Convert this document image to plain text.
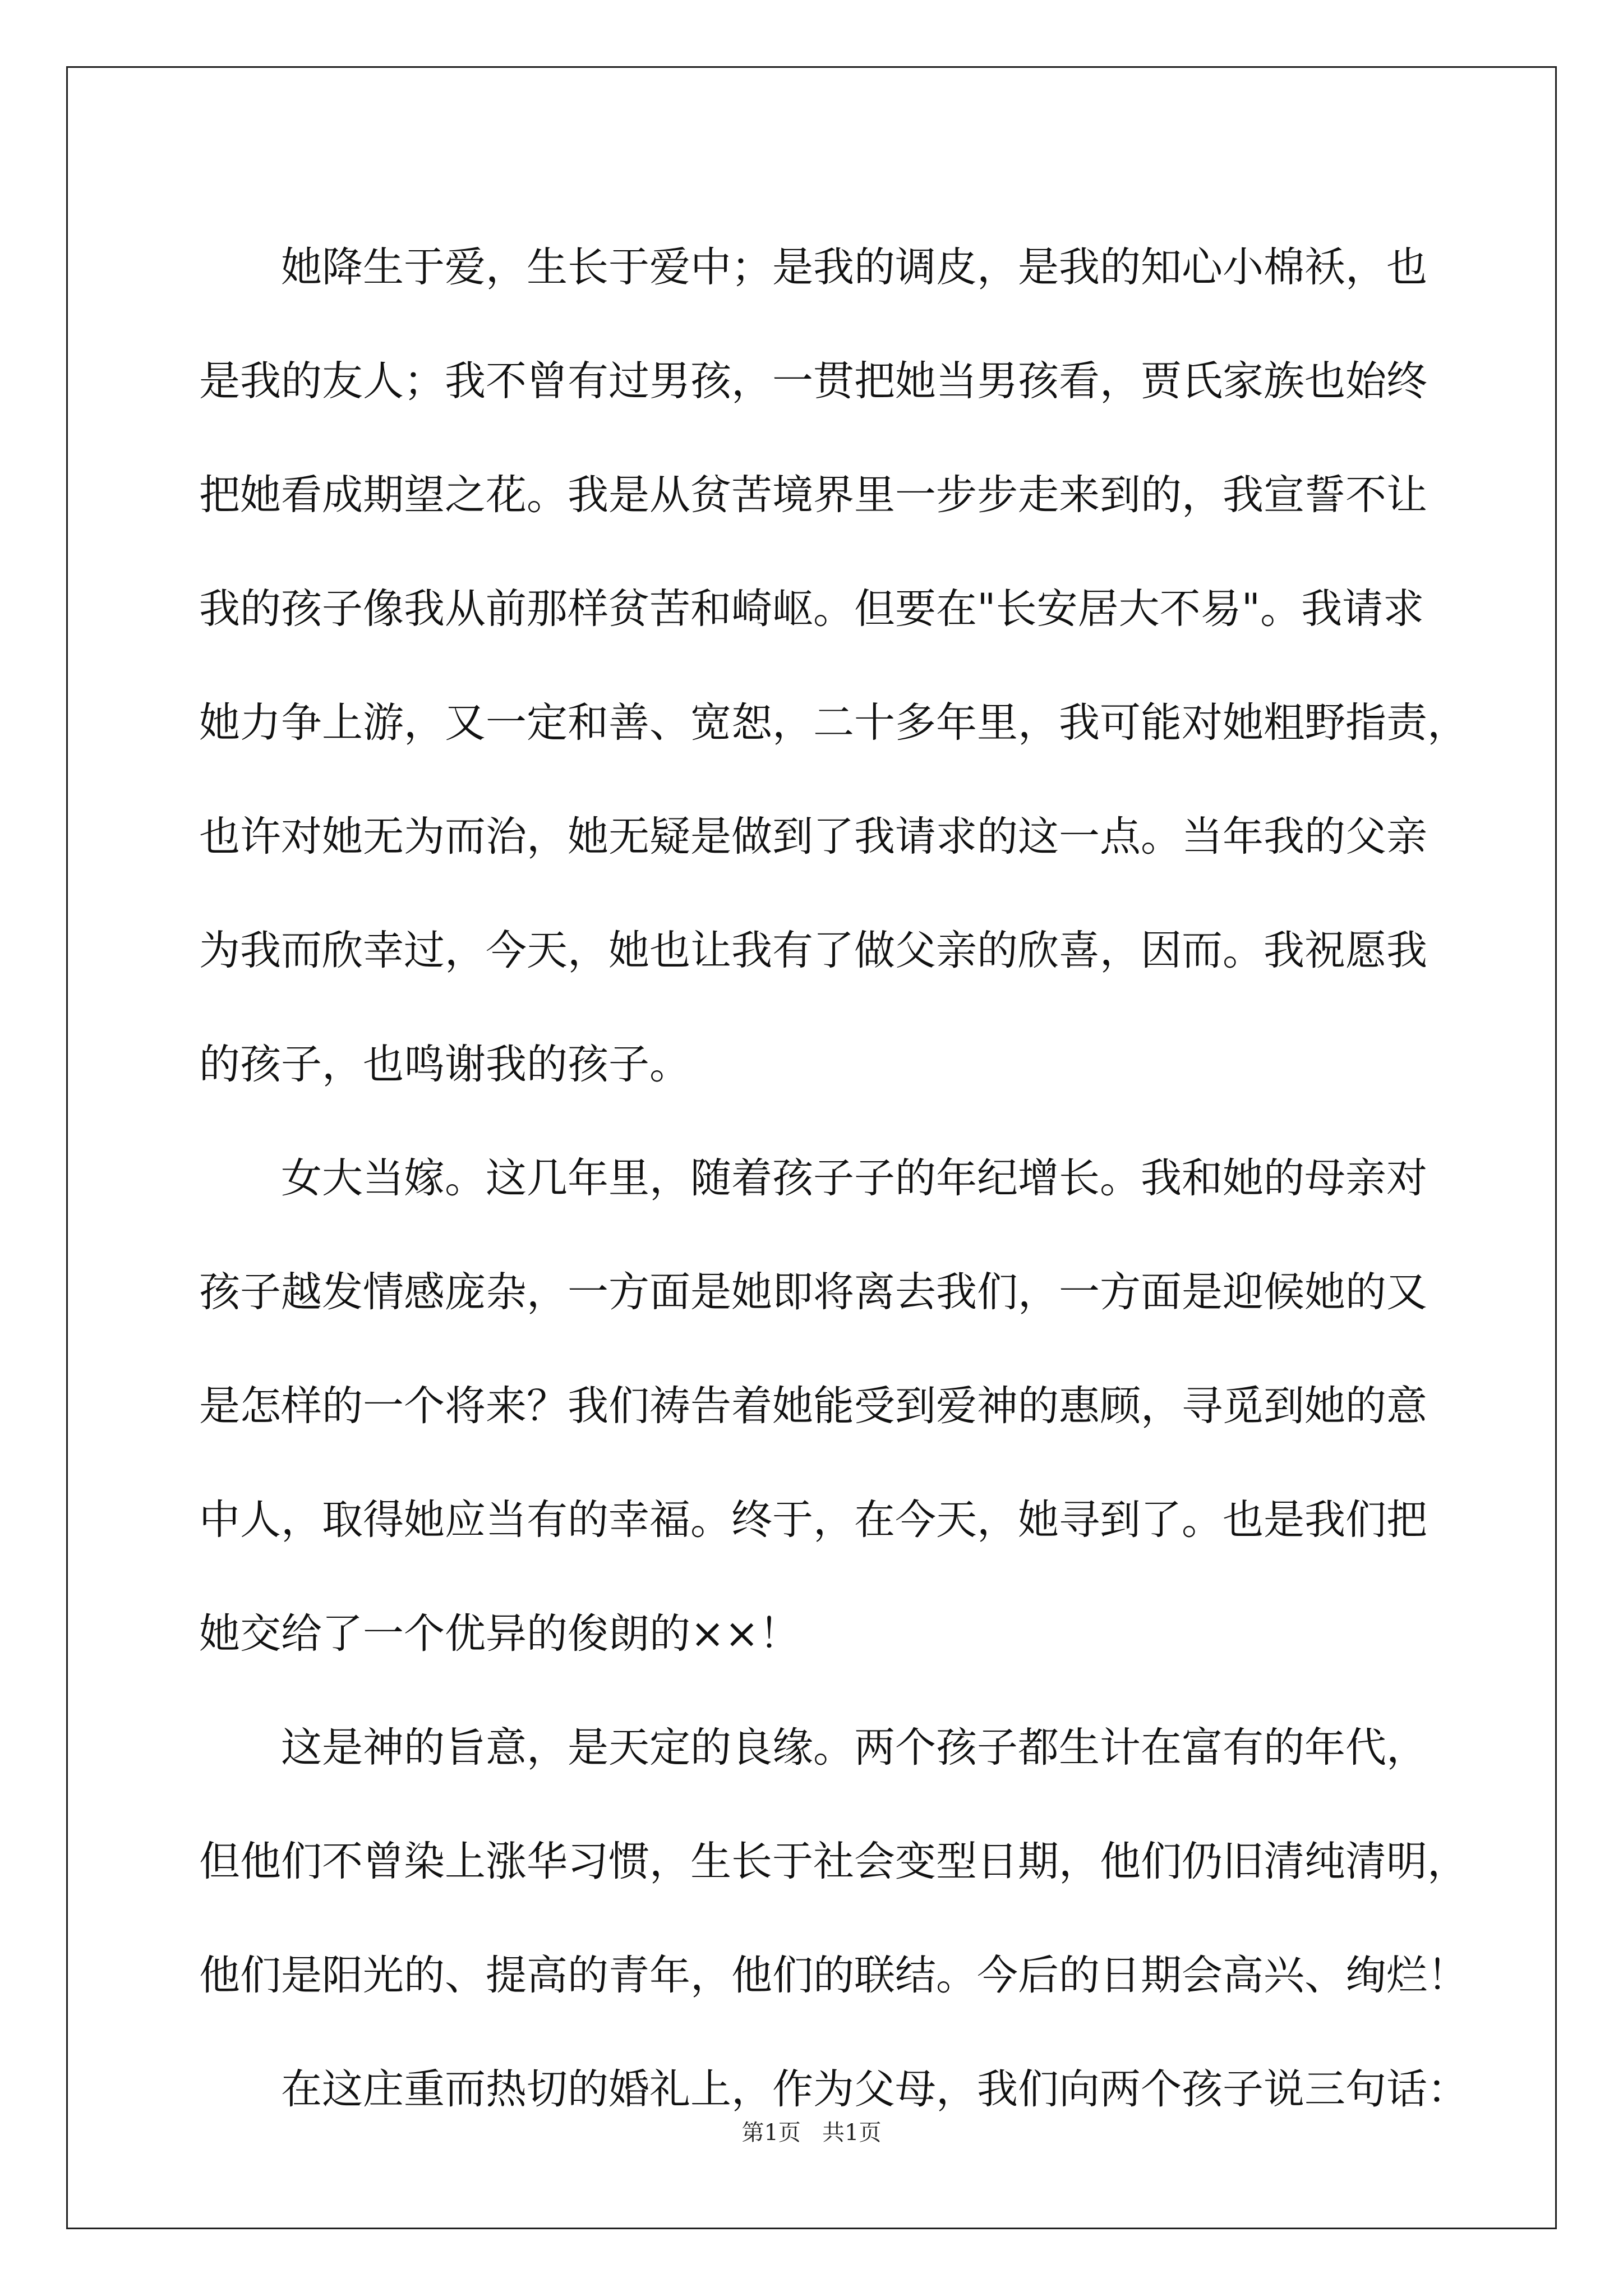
她降生于爱，生长于爱中；是我的调皮，是我的知心小棉袄，也
是我的友人；我不曾有过男孩，一贯把她当男孩看，贾氏家族也始终
把她看成期望之花。我是从贫苦境界里一步步走来到的，我宣誓不让
我的孩子像我从前那样贫苦和崎岖。但要在"长安居大不易"。我请求
她力争上游，又一定和善、宽恕，二十多年里，我可能对她粗野指责，
也许对她无为而治，她无疑是做到了我请求的这一点。当年我的父亲
为我而欣幸过，今天，她也让我有了做父亲的欣喜，因而。我祝愿我
的孩子，也鸣谢我的孩子。
女大当嫁。这几年里，随着孩子子的年纪增长。我和她的母亲对
孩子越发情感庞杂，一方面是她即将离去我们，一方面是迎候她的又
是怎样的一个将来？我们祷告着她能受到爱神的惠顾，寻觅到她的意
中人，取得她应当有的幸福。终于，在今天，她寻到了。也是我们把
她交给了一个优异的俊朗的××！
这是神的旨意，是天定的良缘。两个孩子都生计在富有的年代，
但他们不曾染上涨华习惯，生长于社会变型日期，他们仍旧清纯清明，
他们是阳光的、提高的青年，他们的联结。今后的日期会高兴、绚烂！
在这庄重而热切的婚礼上，作为父母，我们向两个孩子说三句话：
第1页   共1页
